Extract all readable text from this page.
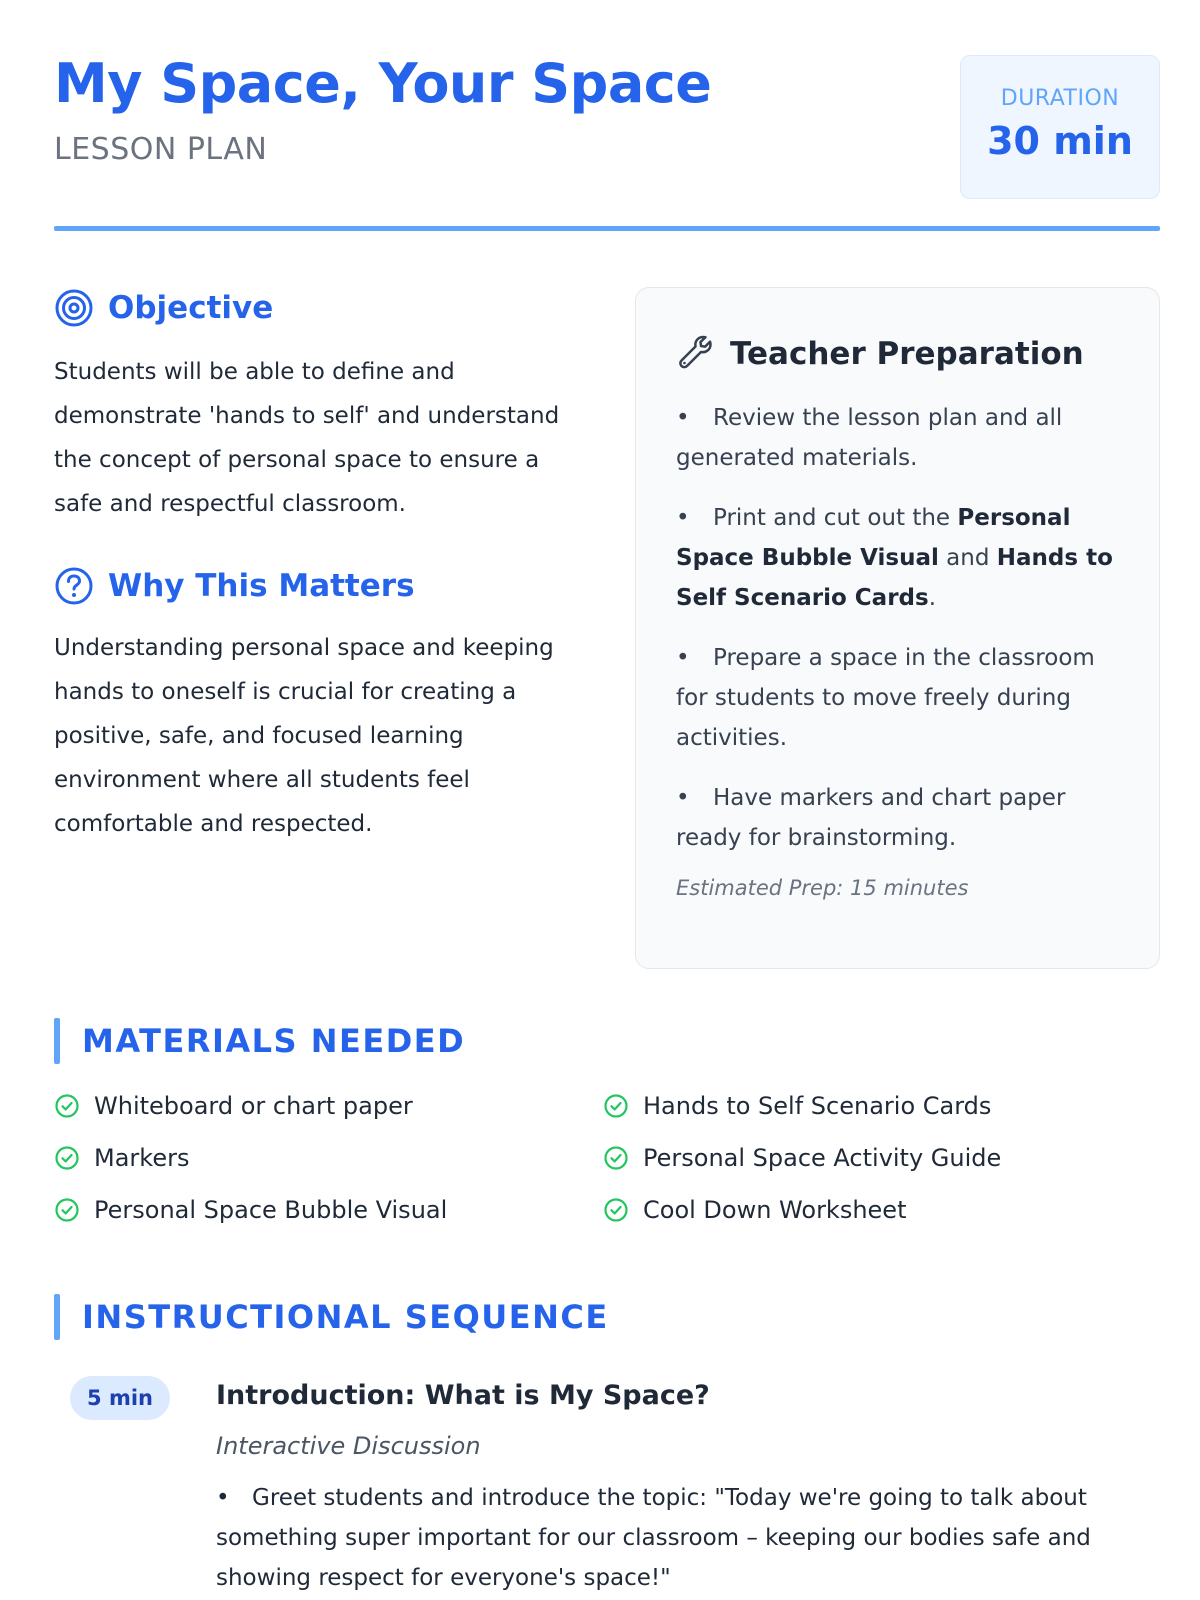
My Space, Your Space
LESSON PLAN
DURATION
30 min
Objective

Students will be able to define and demonstrate 'hands to self' and understand the concept of personal space to ensure a safe and respectful classroom.

Why This Matters

Understanding personal space and keeping hands to oneself is crucial for creating a positive, safe, and focused learning environment where all students feel comfortable and respected.

Teacher Preparation
• Review the lesson plan and all generated materials.
• Print and cut out the Personal Space Bubble Visual and Hands to Self Scenario Cards.
• Prepare a space in the classroom for students to move freely during activities.
• Have markers and chart paper ready for brainstorming.
Estimated Prep: 15 minutes
MATERIALS NEEDED
Whiteboard or chart paper
Markers
Personal Space Bubble Visual
Hands to Self Scenario Cards
Personal Space Activity Guide
Cool Down Worksheet
INSTRUCTIONAL SEQUENCE
5 min	Introduction: What is My Space?
Interactive Discussion
• Greet students and introduce the topic: "Today we're going to talk about something super important for our classroom – keeping our bodies safe and showing respect for everyone's space!"
